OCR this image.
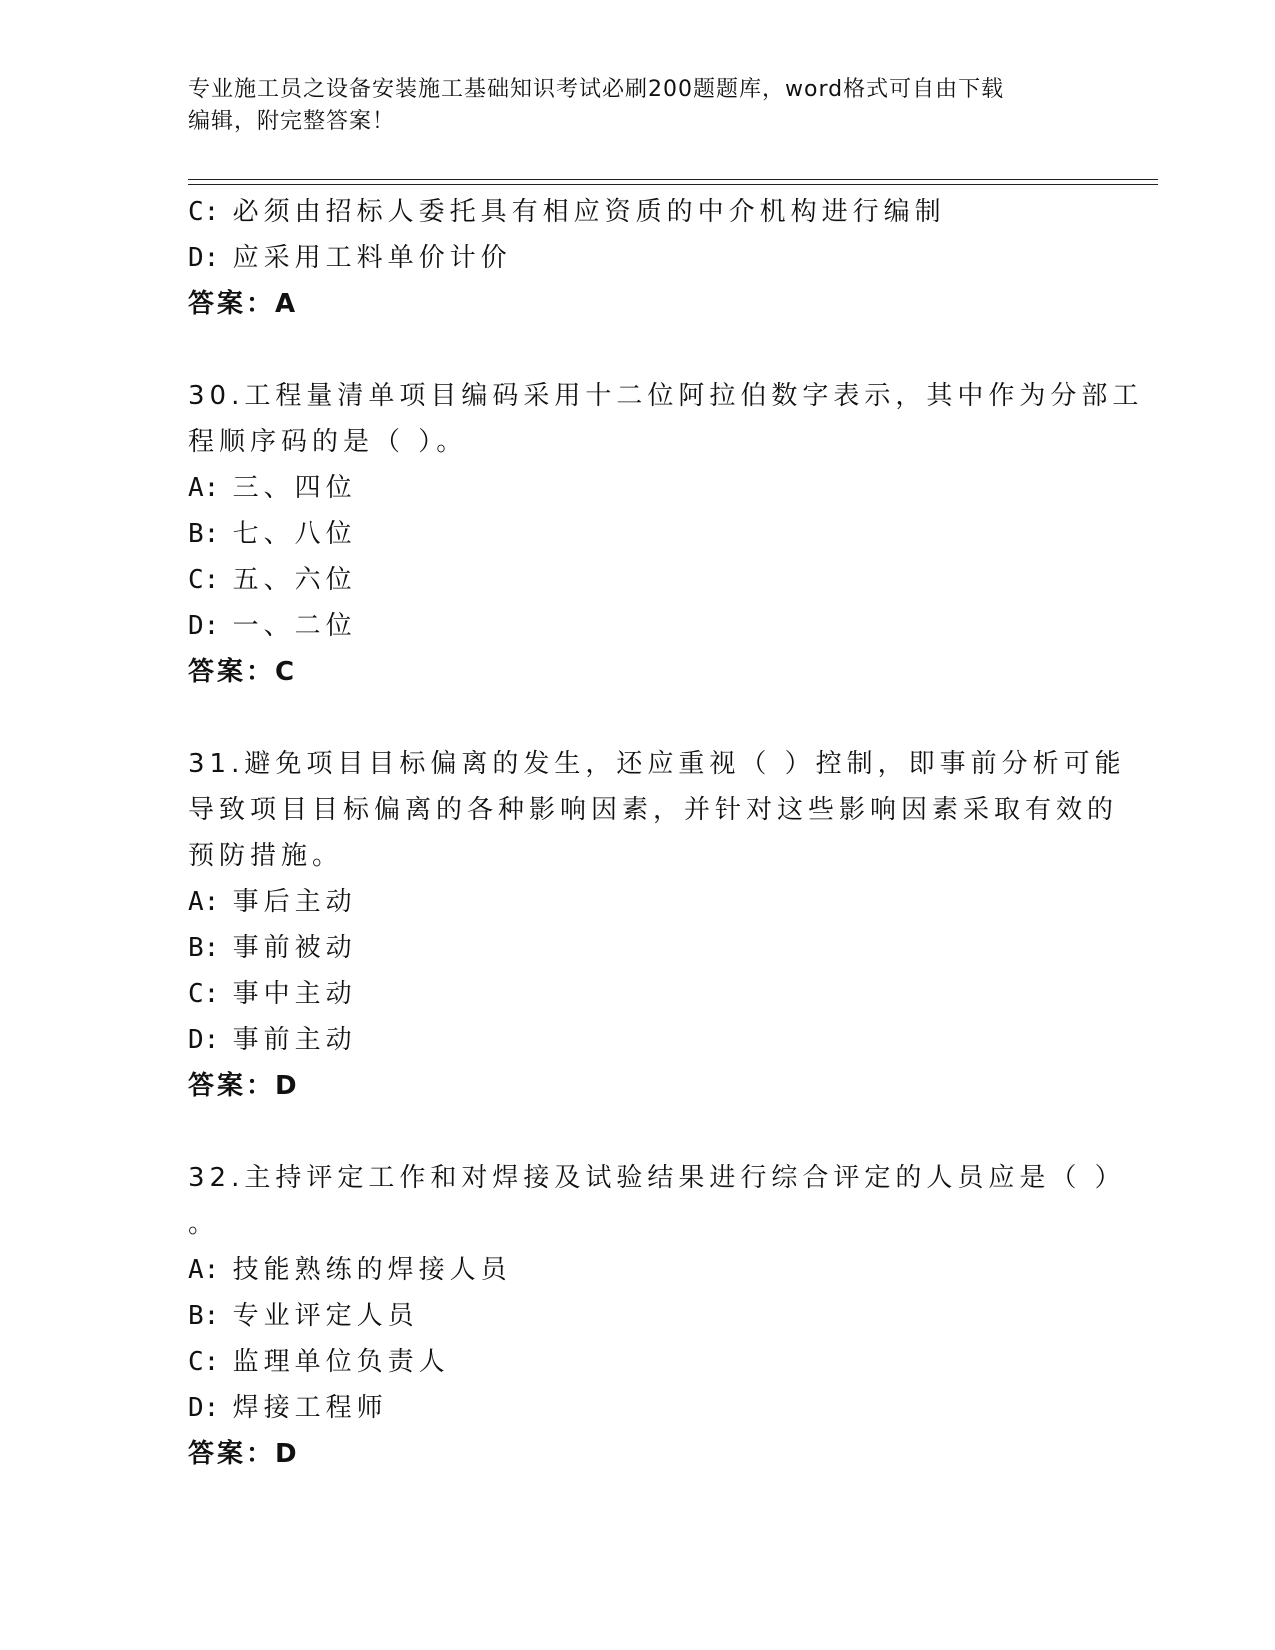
专业施工员之设备安装施工基础知识考试必刷200题题库，word格式可自由下载
编辑，附完整答案！
C: 必须由招标人委托具有相应资质的中介机构进行编制
D: 应采用工料单价计价
答案：A
30.工程量清单项目编码采用十二位阿拉伯数字表示，其中作为分部工
程顺序码的是（ ）。
A: 三、四位
B: 七、八位
C: 五、六位
D: 一、二位
答案：C
31.避免项目目标偏离的发生，还应重视（ ）控制，即事前分析可能
导致项目目标偏离的各种影响因素，并针对这些影响因素采取有效的
预防措施。
A: 事后主动
B: 事前被动
C: 事中主动
D: 事前主动
答案：D
32.主持评定工作和对焊接及试验结果进行综合评定的人员应是（ ）
。
A: 技能熟练的焊接人员
B: 专业评定人员
C: 监理单位负责人
D: 焊接工程师
答案：D
